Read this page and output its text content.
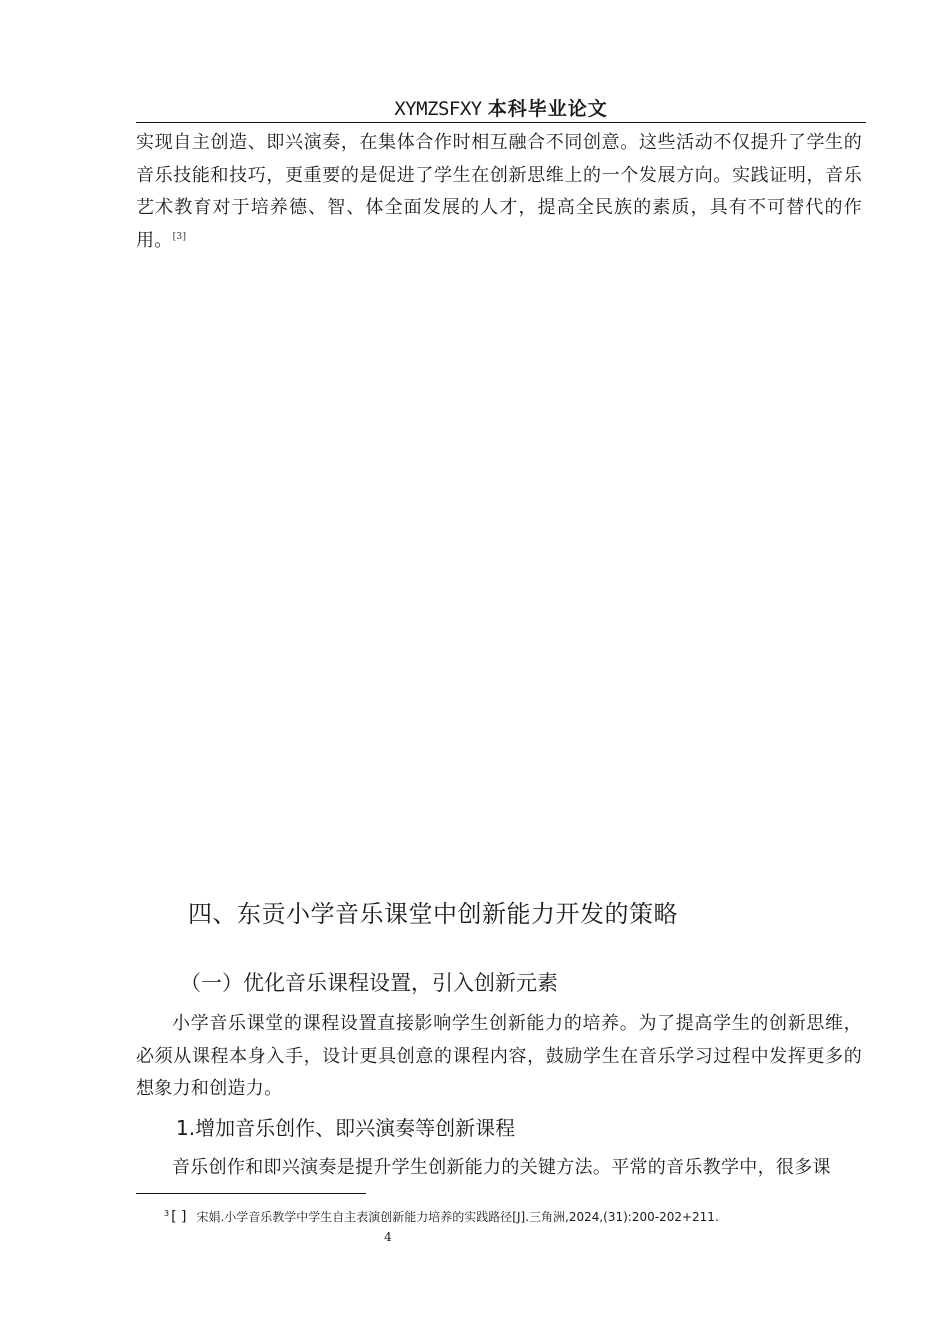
XYMZSFXY 本科毕业论文

实现自主创造、即兴演奏，在集体合作时相互融合不同创意。这些活动不仅提升了学生的音乐技能和技巧，更重要的是促进了学生在创新思维上的一个发展方向。实践证明，音乐艺术教育对于培养德、智、体全面发展的人才，提高全民族的素质，具有不可替代的作用。[3]

四、东贡小学音乐课堂中创新能力开发的策略
（一）优化音乐课程设置，引入创新元素

小学音乐课堂的课程设置直接影响学生创新能力的培养。为了提高学生的创新思维，必须从课程本身入手，设计更具创意的课程内容，鼓励学生在音乐学习过程中发挥更多的想象力和创造力。

1.增加音乐创作、即兴演奏等创新课程

音乐创作和即兴演奏是提升学生创新能力的关键方法。平常的音乐教学中，很多课

$^3$ [ ] 宋娟.小学音乐教学中学生自主表演创新能力培养的实践路径[J].三角洲,2024,(31):200-202+211.
4
